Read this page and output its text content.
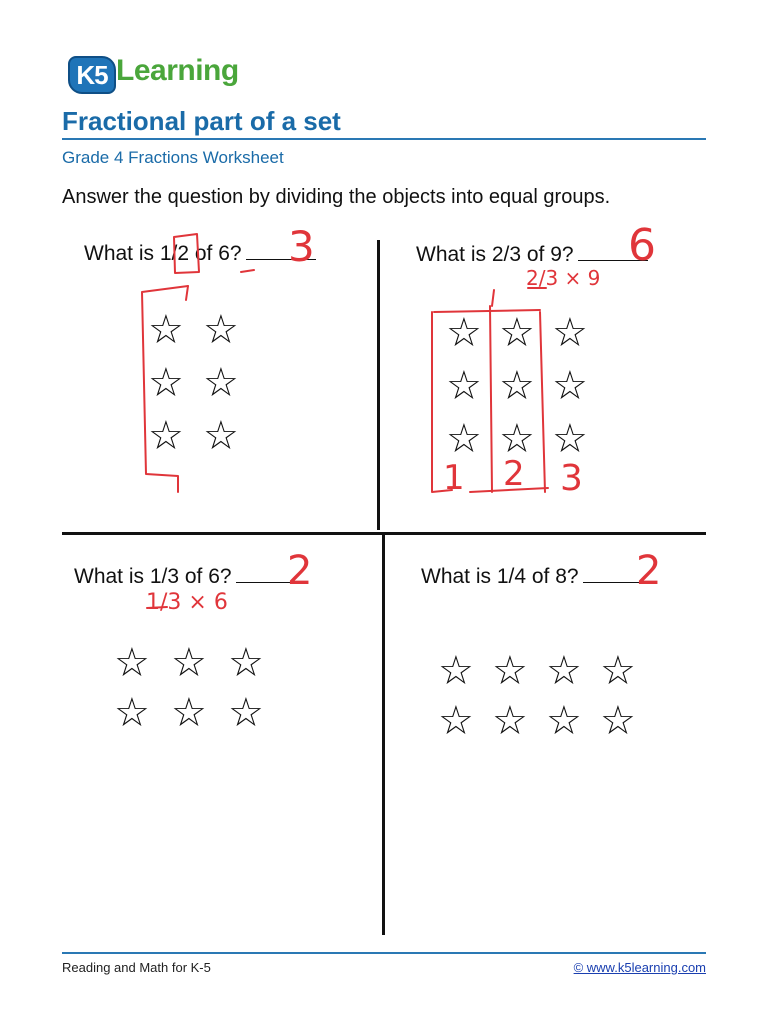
K5 Learning
Fractional part of a set
Grade 4 Fractions Worksheet
Answer the question by dividing the objects into equal groups.
What is 1/2 of 6?	What is 2/3 of 9?
What is 1/3 of 6?	What is 1/4 of 8?
☆ ☆
☆ ☆
☆ ☆
☆ ☆ ☆
☆ ☆ ☆
☆ ☆ ☆
☆ ☆ ☆
☆ ☆ ☆
☆ ☆ ☆ ☆
☆ ☆ ☆ ☆
3	6
2	2
2/3 × 9
1/3 × 6
1 2 3
Reading and Math for K-5	© www.k5learning.com
